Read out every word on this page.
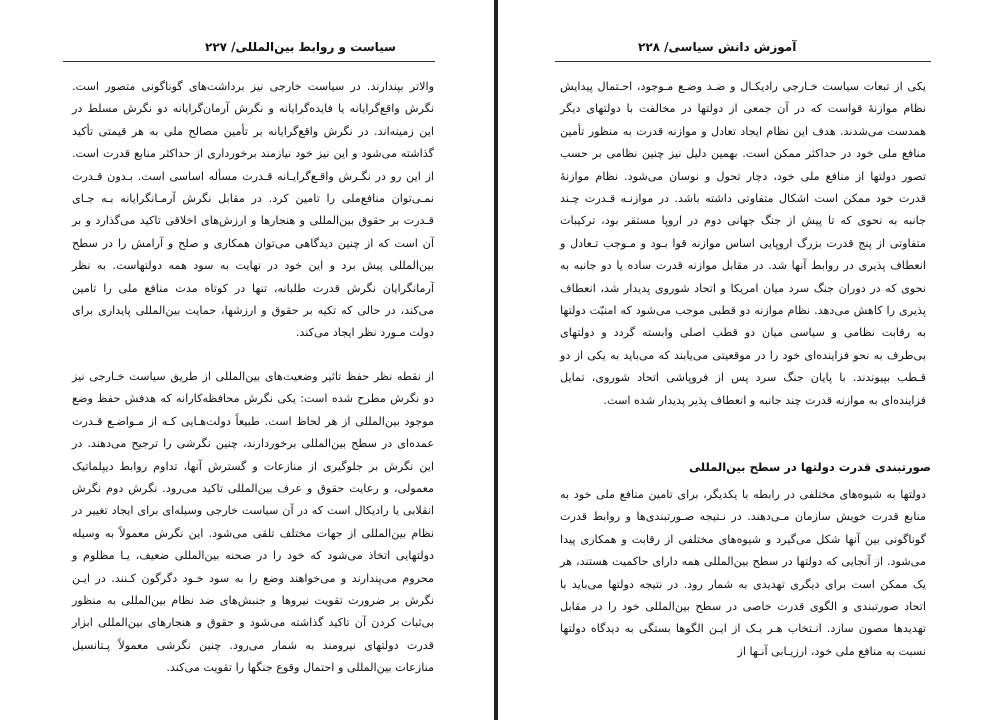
سیاست و روابط بین‌المللی/ ۲۲۷

والاتر بپندارند. در سیاست خارجی نیز برداشت‌های گوناگونی متصور است. نگرش واقع‌گرایانه یا فایده‌گرایانه و نگرش آرمان‌گرایانه دو نگرش مسلط در این زمینه‌اند. در نگرش واقع‌گرایانه بر تأمین مصالح ملی به هر قیمتی تأکید گذاشته می‌شود و این نیز خود نیازمند برخورداری از حداکثر منابع قدرت است. از این رو در نگـرش واقـع‌گرایـانه قـدرت مسأله اساسی است. بـدون قـدرت نمـی‌توان منافع‌ملی را تامین کرد. در مقابل نگرش آرمـانگرایانه بـه جـای قـدرت بر حقوق بین‌المللی و هنجارها و ارزش‌های اخلاقی تاکید می‌گذارد و بر آن است که از چنین دیدگاهی می‌توان همکاری و صلح و آرامش را در سطح بین‌المللی پیش برد و این خود در نهایت به سود همه دولتهاست. به نظر آرمانگرایان نگرش قدرت طلبانه، تنها در کوتاه مدت منافع ملی را تامین می‌کند، در حالی که تکیه بر حقوق و ارزشها، حمایت بین‌المللی پایداری برای دولت مـورد نظر ایجاد می‌کند.

از نقطه نظر حفظ تاثیر وضعیت‌های بین‌المللی از طریق سیاست خـارجی نیز دو نگرش مطرح شده است: یکی نگرش محافظه‌کارانه که هدفش حفظ وضع موجود بین‌المللی از هر لحاظ است. طبیعاً دولت‌هـایی کـه از مـواضـع قـدرت عمده‌ای در سطح بین‌المللی برخوردارند، چنین نگرشی را ترجیح می‌دهند. در این نگرش بر جلوگیری از منازعات و گسترش آنها، تداوم روابط دیپلماتیک معمولی، و رعایت حقوق و عرف بین‌المللی تاکید می‌رود. نگرش دوم نگرش انقلابی یا رادیکال است که در آن سیاست خارجی وسیله‌ای برای ایجاد تغییر در نظام بین‌المللی از جهات مختلف تلقی می‌شود. این نگرش معمولاً به وسیله دولتهایی اتخاذ می‌شود که خود را در صحنه بین‌المللی ضعیف، یـا مظلوم و محروم می‌پندارند و می‌خواهند وضع را به سود خـود دگرگون کـنند. در ایـن نگرش بر ضرورت تقویت نیروها و جنبش‌های ضد نظام بین‌المللی به منظور بی‌ثبات کردن آن تاکید گذاشته می‌شود و حقوق و هنجارهای بین‌المللی ابزار قدرت دولتهای نیرومند به شمار می‌رود. چنین نگرشی معمولاً پـتانسیل منازعات بین‌المللی و احتمال وقوع جنگها را تقویت می‌کند.

آموزش دانش سیاسی/ ۲۲۸

یکی از تبعات سیاست خـارجی رادیکـال و ضـد وضـع مـوجود، احـتمال پیدایش نظام موازنهٔ قواست که در آن جمعی از دولتها در مخالفت با دولتهای دیگر همدست می‌شدند. هدف این نظام ایجاد تعادل و موازنه قدرت به منظور تأمین منافع ملی خود در حداکثر ممکن است. بهمین دلیل نیز چنین نظامی بر حسب تصور دولتها از منافع ملی خود، دچار تحول و نوسان می‌شود. نظام موازنهٔ قدرت خود ممکن است اشکال متفاوتی داشته باشد. در موازنـه قـدرت چـند جانبه به نحوی که تا پیش از جنگ جهانی دوم در اروپا مستقر بود، ترکیبات متفاوتی از پنج قدرت بزرگ اروپایی اساس موازنه قوا بـود و مـوجب تـعادل و انعطاف پذیری در روابط آنها شد. در مقابل موازنه قدرت ساده یا دو جانبه به نحوی که در دوران جنگ سرد میان امریکا و اتحاد شوروی پدیدار شد، انعطاف پذیری را کاهش می‌دهد. نظام موازنه دو قطبی موجب می‌شود که امنیّت دولتها به رقابت نظامی و سیاسی میان دو قطب اصلی وابسته گردد و دولتهای بی‌طرف به نحو فزاینده‌ای خود را در موقعیتی می‌یابند که می‌باید به یکی از دو قـطب بپیوندند. با پایان جنگ سرد پس از فروپاشی اتحاد شوروی، تمایل فزاینده‌ای به موازنه قدرت چند جانبه و انعطاف پذیر پدیدار شده است.

صورتبندی قدرت دولتها در سطح بین‌المللی

دولتها به شیوه‌های مختلفی در رابطه با یکدیگر، برای تامین منافع ملی خود به منابع قدرت خویش سازمان مـی‌دهند. در نـتیجه صـورتبندی‌ها و روابط قدرت گوناگونی بین آنها شکل می‌گیرد و شیوه‌های مختلفی از رقابت و همکاری پیدا می‌شود. از آنجایی که دولتها در سطح بین‌المللی همه دارای حاکمیت هستند، هر یک ممکن است برای دیگری تهدیدی به شمار رود. در نتیجه دولتها می‌باید با اتحاد صورتبندی و الگوی قدرت خاصی در سطح بین‌المللی خود را در مقابل تهدیدها مصون سازد. انـتخاب هـر یـک از ایـن الگوها بستگی به دیدگاه دولتها نسبت به منافع ملی خود، ارزیـابی آنـها از
